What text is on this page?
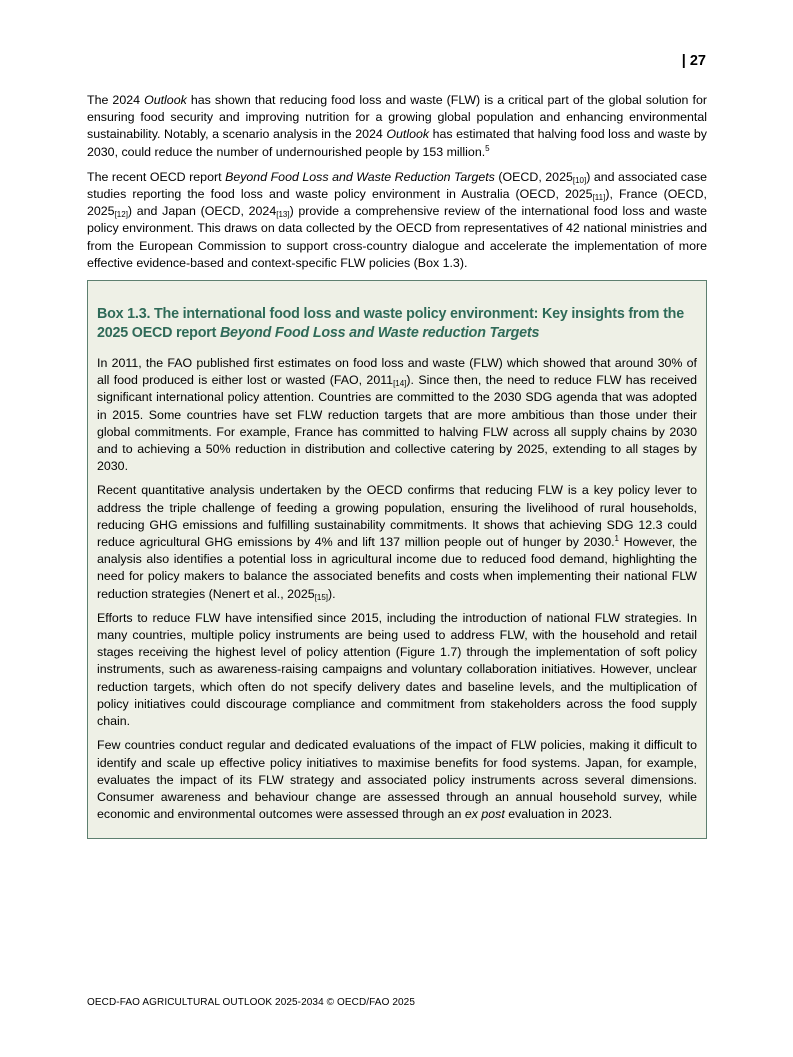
| 27

The 2024 Outlook has shown that reducing food loss and waste (FLW) is a critical part of the global solution for ensuring food security and improving nutrition for a growing global population and enhancing environmental sustainability. Notably, a scenario analysis in the 2024 Outlook has estimated that halving food loss and waste by 2030, could reduce the number of undernourished people by 153 million.$^5$

The recent OECD report Beyond Food Loss and Waste Reduction Targets (OECD, $2025_{[10]}$) and associated case studies reporting the food loss and waste policy environment in Australia (OECD, $2025_{[11]}$), France (OECD, $2025_{[12]}$) and Japan (OECD, $2024_{[13]}$) provide a comprehensive review of the international food loss and waste policy environment. This draws on data collected by the OECD from representatives of 42 national ministries and from the European Commission to support cross-country dialogue and accelerate the implementation of more effective evidence-based and context-specific FLW policies (Box 1.3).

Box 1.3. The international food loss and waste policy environment: Key insights from the 2025 OECD report Beyond Food Loss and Waste reduction Targets

In 2011, the FAO published first estimates on food loss and waste (FLW) which showed that around 30% of all food produced is either lost or wasted (FAO, $2011_{[14]}$). Since then, the need to reduce FLW has received significant international policy attention. Countries are committed to the 2030 SDG agenda that was adopted in 2015. Some countries have set FLW reduction targets that are more ambitious than those under their global commitments. For example, France has committed to halving FLW across all supply chains by 2030 and to achieving a 50% reduction in distribution and collective catering by 2025, extending to all stages by 2030.

Recent quantitative analysis undertaken by the OECD confirms that reducing FLW is a key policy lever to address the triple challenge of feeding a growing population, ensuring the livelihood of rural households, reducing GHG emissions and fulfilling sustainability commitments. It shows that achieving SDG 12.3 could reduce agricultural GHG emissions by 4% and lift 137 million people out of hunger by 2030.$^1$ However, the analysis also identifies a potential loss in agricultural income due to reduced food demand, highlighting the need for policy makers to balance the associated benefits and costs when implementing their national FLW reduction strategies (Nenert et al., $2025_{[15]}$).

Efforts to reduce FLW have intensified since 2015, including the introduction of national FLW strategies. In many countries, multiple policy instruments are being used to address FLW, with the household and retail stages receiving the highest level of policy attention (Figure 1.7) through the implementation of soft policy instruments, such as awareness-raising campaigns and voluntary collaboration initiatives. However, unclear reduction targets, which often do not specify delivery dates and baseline levels, and the multiplication of policy initiatives could discourage compliance and commitment from stakeholders across the food supply chain.

Few countries conduct regular and dedicated evaluations of the impact of FLW policies, making it difficult to identify and scale up effective policy initiatives to maximise benefits for food systems. Japan, for example, evaluates the impact of its FLW strategy and associated policy instruments across several dimensions. Consumer awareness and behaviour change are assessed through an annual household survey, while economic and environmental outcomes were assessed through an ex post evaluation in 2023.

OECD-FAO AGRICULTURAL OUTLOOK 2025-2034 © OECD/FAO 2025
